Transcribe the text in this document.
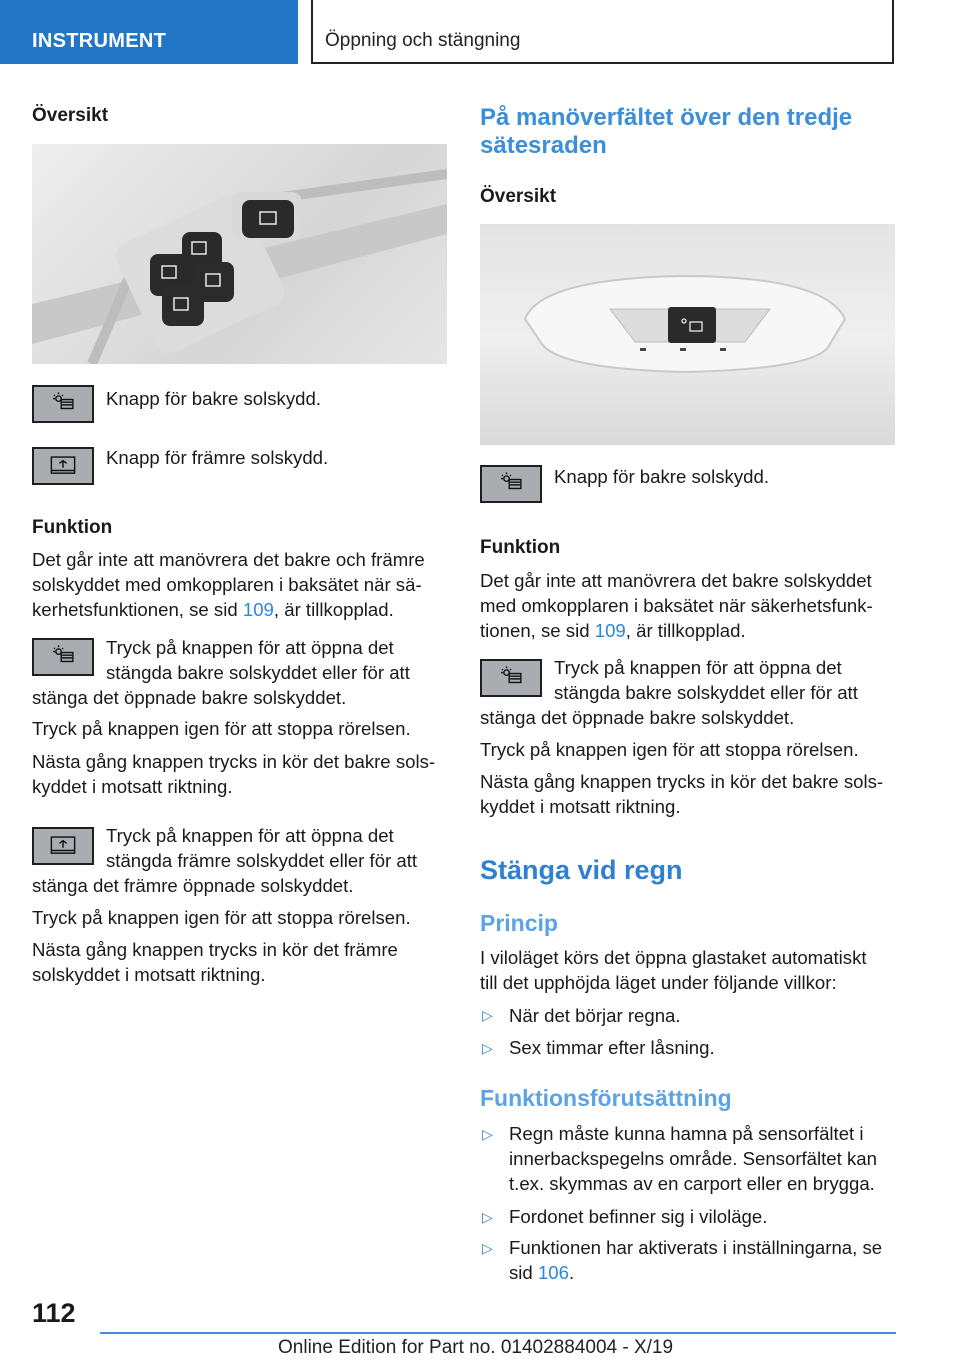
INSTRUMENT	Öppning och stängning
Översikt
Knapp för bakre solskydd.
Knapp för främre solskydd.
Funktion
Det går inte att manövrera det bakre och främre
solskyddet med omkopplaren i baksätet när sä-
kerhetsfunktionen, se sid 109, är tillkopplad.
Tryck på knappen för att öppna det
stängda bakre solskyddet eller för att
stänga det öppnade bakre solskyddet.
Tryck på knappen igen för att stoppa rörelsen.
Nästa gång knappen trycks in kör det bakre sols-
kyddet i motsatt riktning.
Tryck på knappen för att öppna det
stängda främre solskyddet eller för att
stänga det främre öppnade solskyddet.
Tryck på knappen igen för att stoppa rörelsen.
Nästa gång knappen trycks in kör det främre
solskyddet i motsatt riktning.
På manöverfältet över den tredje
sätesraden
Översikt
Knapp för bakre solskydd.
Funktion
Det går inte att manövrera det bakre solskyddet
med omkopplaren i baksätet när säkerhetsfunk-
tionen, se sid 109, är tillkopplad.
Tryck på knappen för att öppna det
stängda bakre solskyddet eller för att
stänga det öppnade bakre solskyddet.
Tryck på knappen igen för att stoppa rörelsen.
Nästa gång knappen trycks in kör det bakre sols-
kyddet i motsatt riktning.
Stänga vid regn
Princip
I viloläget körs det öppna glastaket automatiskt
till det upphöjda läget under följande villkor:
▷ När det börjar regna.
▷ Sex timmar efter låsning.
Funktionsförutsättning
▷ Regn måste kunna hamna på sensorfältet i
innerbackspegelns område. Sensorfältet kan
t.ex. skymmas av en carport eller en brygga.
▷ Fordonet befinner sig i viloläge.
▷ Funktionen har aktiverats i inställningarna, se
sid 106.
112
Online Edition for Part no. 01402884004 - X/19
